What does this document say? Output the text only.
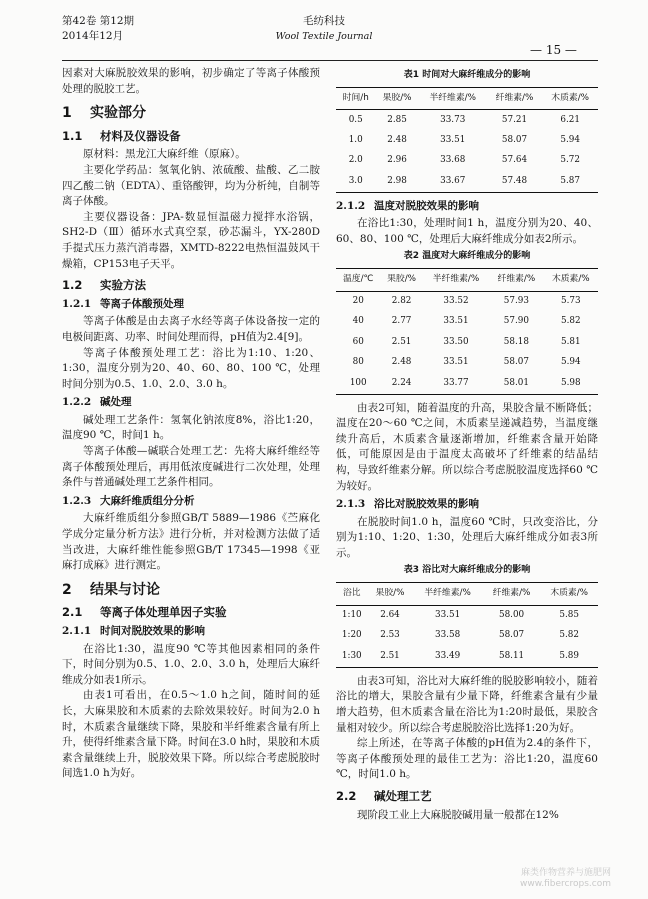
第42卷 第12期
2014年12月
毛纺科技
Wool Textile Journal
— 15 —

因素对大麻脱胶效果的影响，初步确定了等离子体酸预处理的脱胶工艺。

1 实验部分
1.1 材料及仪器设备

原材料：黑龙江大麻纤维（原麻）。

主要化学药品：氢氧化钠、浓硫酸、盐酸、乙二胺四乙酸二钠（EDTA）、重铬酸钾，均为分析纯，自制等离子体酸。

主要仪器设备：JPA-数显恒温磁力搅拌水浴锅，SH2-D（Ⅲ）循环水式真空泵，砂芯漏斗，YX-280D手提式压力蒸汽消毒器，XMTD-8222电热恒温鼓风干燥箱，CP153电子天平。

1.2 实验方法
1.2.1 等离子体酸预处理

等离子体酸是由去离子水经等离子体设备按一定的电极间距离、功率、时间处理而得，pH值为2.4[9]。

等离子体酸预处理工艺：浴比为1:10、1:20、1:30，温度分别为20、40、60、80、100 ℃，处理时间分别为0.5、1.0、2.0、3.0 h。

1.2.2 碱处理

碱处理工艺条件：氢氧化钠浓度8%，浴比1:20，温度90 ℃，时间1 h。

等离子体酸—碱联合处理工艺：先将大麻纤维经等离子体酸预处理后，再用低浓度碱进行二次处理，处理条件与普通碱处理工艺条件相同。

1.2.3 大麻纤维质组分分析

大麻纤维质组分参照GB/T 5889—1986《苎麻化学成分定量分析方法》进行分析，并对检测方法做了适当改进，大麻纤维性能参照GB/T 17345—1998《亚麻打成麻》进行测定。

2 结果与讨论
2.1 等离子体处理单因子实验
2.1.1 时间对脱胶效果的影响

在浴比1:30，温度90 ℃等其他因素相同的条件下，时间分别为0.5、1.0、2.0、3.0 h，处理后大麻纤维成分如表1所示。

由表1可看出，在0.5～1.0 h之间，随时间的延长，大麻果胶和木质素的去除效果较好。时间为2.0 h时，木质素含量继续下降，果胶和半纤维素含量有所上升，使得纤维素含量下降。时间在3.0 h时，果胶和木质素含量继续上升，脱胶效果下降。所以综合考虑脱胶时间选1.0 h为好。

表1 时间对大麻纤维成分的影响
时间/h	果胶/%	半纤维素/%	纤维素/%	木质素/%
0.5	2.85	33.73	57.21	6.21
1.0	2.48	33.51	58.07	5.94
2.0	2.96	33.68	57.64	5.72
3.0	2.98	33.67	57.48	5.87
2.1.2 温度对脱胶效果的影响

在浴比1:30，处理时间1 h，温度分别为20、40、60、80、100 ℃，处理后大麻纤维成分如表2所示。

表2 温度对大麻纤维成分的影响
温度/℃	果胶/%	半纤维素/%	纤维素/%	木质素/%
20	2.82	33.52	57.93	5.73
40	2.77	33.51	57.90	5.82
60	2.51	33.50	58.18	5.81
80	2.48	33.51	58.07	5.94
100	2.24	33.77	58.01	5.98

由表2可知，随着温度的升高，果胶含量不断降低；温度在20～60 ℃之间，木质素呈递减趋势，当温度继续升高后，木质素含量逐渐增加，纤维素含量开始降低，可能原因是由于温度太高破坏了纤维素的结晶结构，导致纤维素分解。所以综合考虑脱胶温度选择60 ℃为较好。

2.1.3 浴比对脱胶效果的影响

在脱胶时间1.0 h，温度60 ℃时，只改变浴比，分别为1:10、1:20、1:30，处理后大麻纤维成分如表3所示。

表3 浴比对大麻纤维成分的影响
浴比	果胶/%	半纤维素/%	纤维素/%	木质素/%
1:10	2.64	33.51	58.00	5.85
1:20	2.53	33.58	58.07	5.82
1:30	2.51	33.49	58.11	5.89

由表3可知，浴比对大麻纤维的脱胶影响较小，随着浴比的增大，果胶含量有少量下降，纤维素含量有少量增大趋势，但木质素含量在浴比为1:20时最低，果胶含量相对较少。所以综合考虑脱胶浴比选择1:20为好。

综上所述，在等离子体酸的pH值为2.4的条件下，等离子体酸预处理的最佳工艺为：浴比1:20，温度60 ℃，时间1.0 h。

2.2 碱处理工艺

现阶段工业上大麻脱胶碱用量一般都在12%

麻类作物营养与施肥网
www.fibercrops.com
